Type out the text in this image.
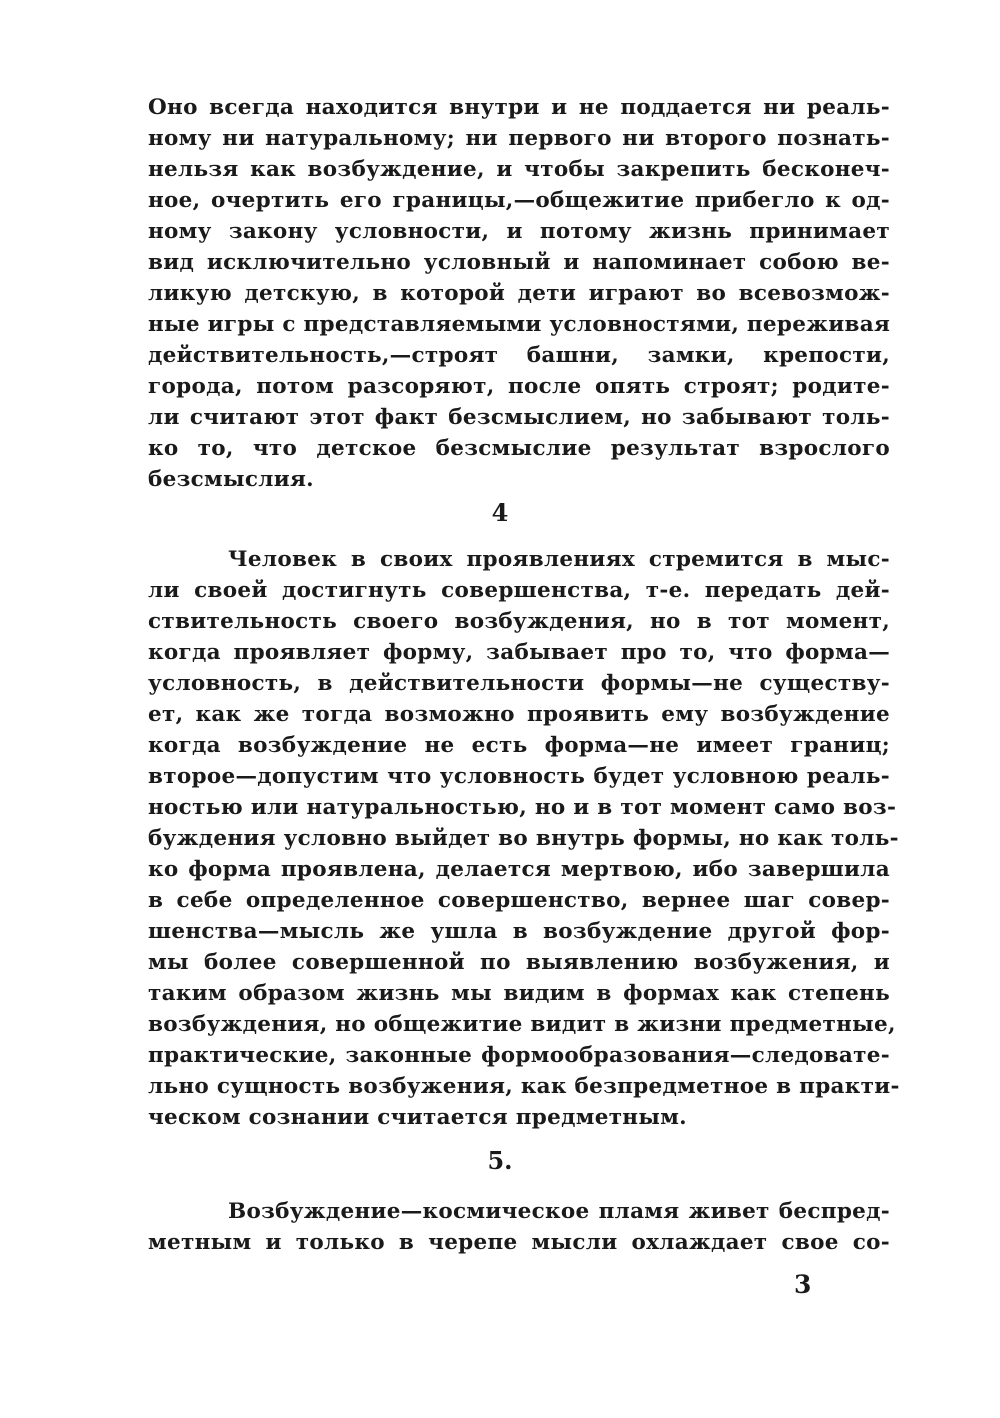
Оно всегда находится внутри и не поддается ни реаль-
ному ни натуральному; ни первого ни второго познать-
нельзя как возбуждение, и чтобы закрепить бесконеч-
ное, очертить его границы,—общежитие прибегло к од-
ному закону условности, и потому жизнь принимает
вид исключительно условный и напоминает собою ве-
ликую детскую, в которой дети играют во всевозмож-
ные игры с представляемыми условностями, переживая
действительность,—строят башни, замки, крепости,
города, потом разсоряют, после опять строят; родите-
ли считают этот факт безсмыслием, но забывают толь-
ко то, что детское безсмыслие результат взрослого
безсмыслия.
4
Человек в своих проявлениях стремится в мыс-
ли своей достигнуть совершенства, т-е. передать дей-
ствительность своего возбуждения, но в тот момент,
когда проявляет форму, забывает про то, что форма—
условность, в действительности формы—не существу-
ет, как же тогда возможно проявить ему возбуждение
когда возбуждение не есть форма—не имеет границ;
второе—допустим что условность будет условною реаль-
ностью или натуральностью, но и в тот момент само воз-
буждения условно выйдет во внутрь формы, но как толь-
ко форма проявлена, делается мертвою, ибо завершила
в себе определенное совершенство, вернее шаг совер-
шенства—мысль же ушла в возбуждение другой фор-
мы более совершенной по выявлению возбужения, и
таким образом жизнь мы видим в формах как степень
возбуждения, но общежитие видит в жизни предметные,
практические, законные формообразования—следовате-
льно сущность возбужения, как безпредметное в практи-
ческом сознании считается предметным.
5.
Возбуждение—космическое пламя живет беспред-
метным и только в черепе мысли охлаждает свое со-
3
